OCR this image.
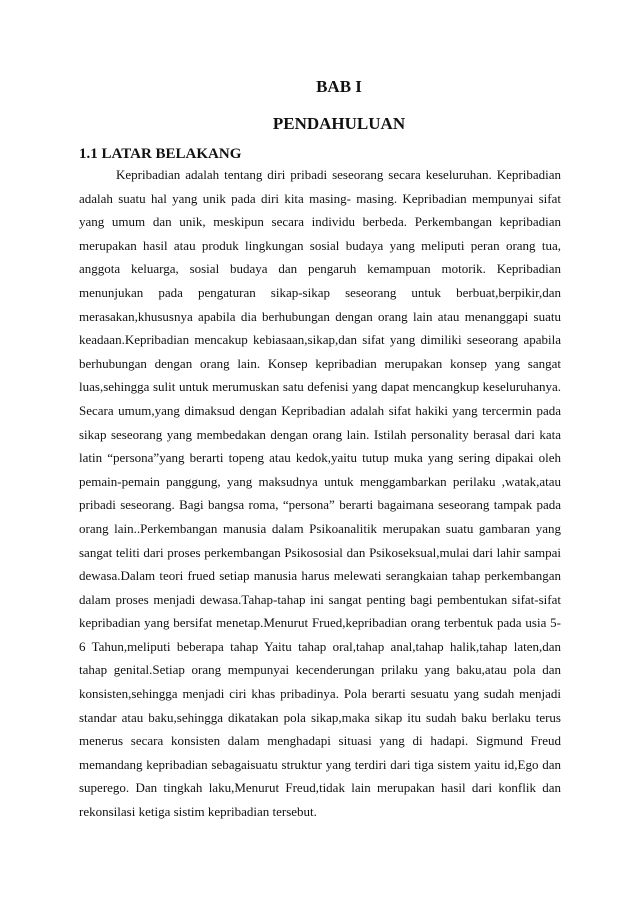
BAB I
PENDAHULUAN
1.1 LATAR BELAKANG

Kepribadian adalah tentang diri pribadi seseorang secara keseluruhan. Kepribadian adalah suatu hal yang unik pada diri kita masing- masing. Kepribadian mempunyai sifat yang umum dan unik, meskipun secara individu berbeda. Perkembangan kepribadian merupakan hasil atau produk lingkungan sosial budaya yang meliputi peran orang tua, anggota keluarga, sosial budaya dan pengaruh kemampuan motorik. Kepribadian menunjukan pada pengaturan sikap-sikap seseorang untuk berbuat,berpikir,dan merasakan,khususnya apabila dia berhubungan dengan orang lain atau menanggapi suatu keadaan.Kepribadian mencakup kebiasaan,sikap,dan sifat yang dimiliki seseorang apabila berhubungan dengan orang lain. Konsep kepribadian merupakan konsep yang sangat luas,sehingga sulit untuk merumuskan satu defenisi yang dapat mencangkup keseluruhanya. Secara umum,yang dimaksud dengan Kepribadian adalah sifat hakiki yang tercermin pada sikap seseorang yang membedakan dengan orang lain. Istilah personality berasal dari kata latin “persona”yang berarti topeng atau kedok,yaitu tutup muka yang sering dipakai oleh pemain-pemain panggung, yang maksudnya untuk menggambarkan perilaku ,watak,atau pribadi seseorang. Bagi bangsa roma, “persona” berarti bagaimana seseorang tampak pada orang lain..Perkembangan manusia dalam Psikoanalitik merupakan suatu gambaran yang sangat teliti dari proses perkembangan Psikososial dan Psikoseksual,mulai dari lahir sampai dewasa.Dalam teori frued setiap manusia harus melewati serangkaian tahap perkembangan dalam proses menjadi dewasa.Tahap-tahap ini sangat penting bagi pembentukan sifat-sifat kepribadian yang bersifat menetap.Menurut Frued,kepribadian orang terbentuk pada usia 5-6 Tahun,meliputi beberapa tahap Yaitu tahap oral,tahap anal,tahap halik,tahap laten,dan tahap genital.Setiap orang mempunyai kecenderungan prilaku yang baku,atau pola dan konsisten,sehingga menjadi ciri khas pribadinya. Pola berarti sesuatu yang sudah menjadi standar atau baku,sehingga dikatakan pola sikap,maka sikap itu sudah baku berlaku terus menerus secara konsisten dalam menghadapi situasi yang di hadapi. Sigmund Freud memandang kepribadian sebagaisuatu struktur yang terdiri dari tiga sistem yaitu id,Ego dan superego. Dan tingkah laku,Menurut Freud,tidak lain merupakan hasil dari konflik dan rekonsilasi ketiga sistim kepribadian tersebut.
